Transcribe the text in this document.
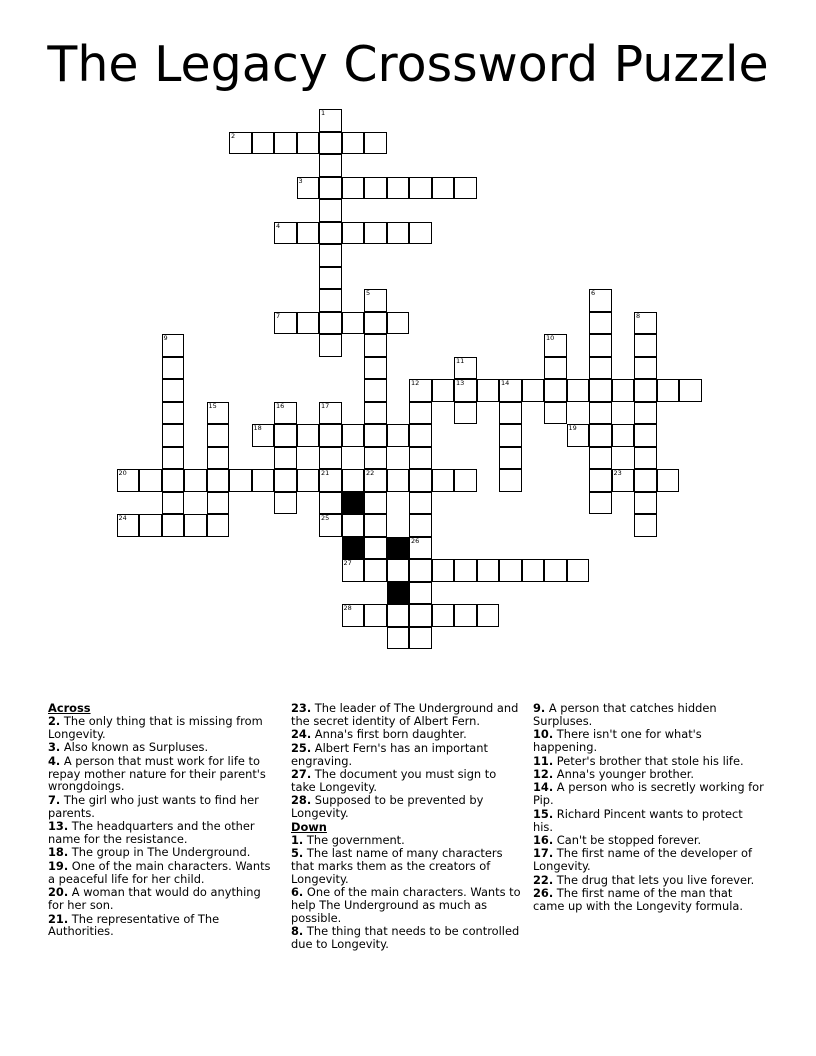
The Legacy Crossword Puzzle
2
3
4
7
12	13	14
18	19
20	21	22	23
24	25
27
28
1
5	6
8
9	10
11
15	16	17
26
Across
2. The only thing that is missing from Longevity.
3. Also known as Surpluses.
4. A person that must work for life to repay mother nature for their parent's wrongdoings.
7. The girl who just wants to find her parents.
13. The headquarters and the other name for the resistance.
18. The group in The Underground.
19. One of the main characters. Wants a peaceful life for her child.
20. A woman that would do anything for her son.
21. The representative of The Authorities.
23. The leader of The Underground and the secret identity of Albert Fern.
24. Anna's first born daughter.
25. Albert Fern's has an important engraving.
27. The document you must sign to take Longevity.
28. Supposed to be prevented by Longevity.
Down
1. The government.
5. The last name of many characters that marks them as the creators of Longevity.
6. One of the main characters. Wants to help The Underground as much as possible.
8. The thing that needs to be controlled due to Longevity.
9. A person that catches hidden Surpluses.
10. There isn't one for what's happening.
11. Peter's brother that stole his life.
12. Anna's younger brother.
14. A person who is secretly working for Pip.
15. Richard Pincent wants to protect his.
16. Can't be stopped forever.
17. The first name of the developer of Longevity.
22. The drug that lets you live forever.
26. The first name of the man that came up with the Longevity formula.
